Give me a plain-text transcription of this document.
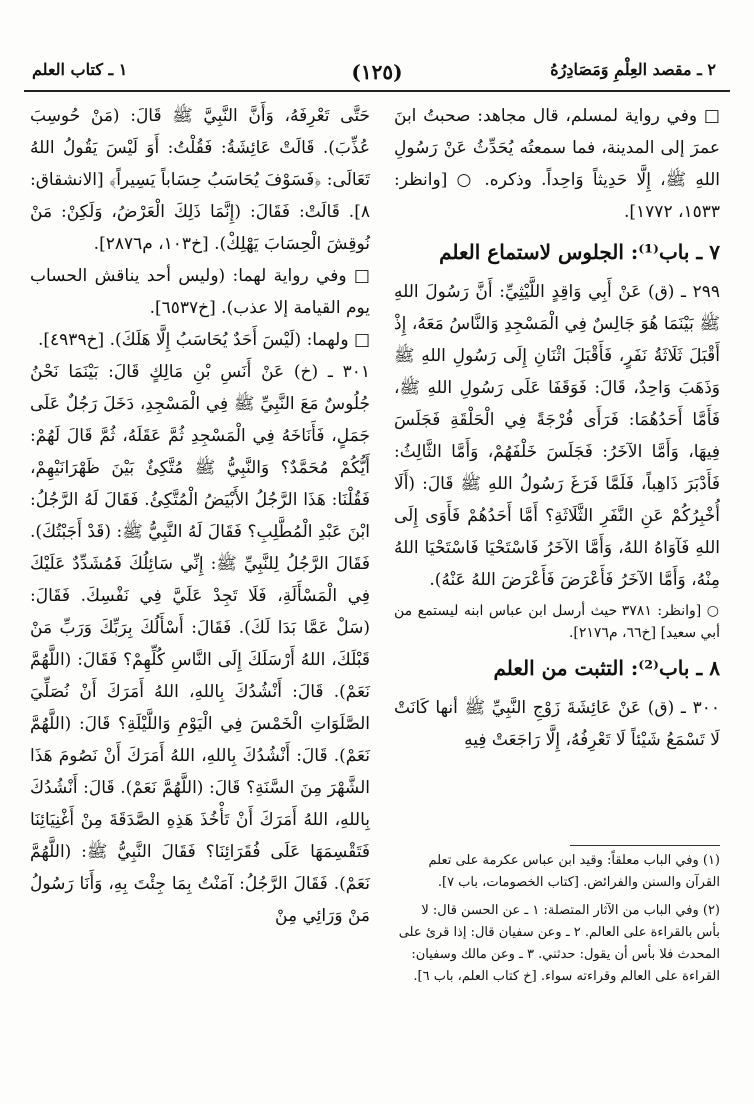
٢ ـ مقصد العِلْمِ وَمَصَادِرُهُ
(١٢٥)
١ ـ كتاب العلم

□ وفي رواية لمسلم، قال مجاهد: صحبتُ ابنَ عمرَ إلى المدينة، فما سمعتُه يُحَدِّثُ عَنْ رَسُولِ اللهِ ﷺ، إِلَّا حَدِيثاً وَاحِداً. وذكره. ○ [وانظر: ١٥٣٣، ١٧٧٢].

٧ ـ باب⁽¹⁾: الجلوس لاستماع العلم

٢٩٩ ـ (ق) عَنْ أَبِي وَاقِدٍ اللَّيْثِيِّ: أَنَّ رَسُولَ اللهِ ﷺ بَيْنَمَا هُوَ جَالِسٌ فِي الْمَسْجِدِ وَالنَّاسُ مَعَهُ، إِذْ أَقْبَلَ ثَلَاثَةُ نَفَرٍ، فَأَقْبَلَ اثْنَانِ إِلَى رَسُولِ اللهِ ﷺ وَذَهَبَ وَاحِدٌ، قَالَ: فَوَقَفَا عَلَى رَسُولِ اللهِ ﷺ، فَأَمَّا أَحَدُهُمَا: فَرَأَى فُرْجَةً فِي الْحَلْقَةِ فَجَلَسَ فِيهَا، وَأَمَّا الآخَرُ: فَجَلَسَ خَلْفَهُمْ، وَأَمَّا الثَّالِثُ: فَأَدْبَرَ ذَاهِباً، فَلَمَّا فَرَغَ رَسُولُ اللهِ ﷺ قَالَ: (أَلَا أُخْبِرُكُمْ عَنِ النَّفَرِ الثَّلَاثَةِ؟ أَمَّا أَحَدُهُمْ فَأَوَى إِلَى اللهِ فَآوَاهُ اللهُ، وَأَمَّا الآخَرُ فَاسْتَحْيَا فَاسْتَحْيَا اللهُ مِنْهُ، وَأَمَّا الآخَرُ فَأَعْرَضَ فَأَعْرَضَ اللهُ عَنْهُ).

○ [وانظر: ٣٧٨١ حيث أرسل ابن عباس ابنه ليستمع من أبي سعيد] [خ٦٦، م٢١٧٦].

٨ ـ باب⁽²⁾: التثبت من العلم

٣٠٠ ـ (ق) عَنْ عَائِشَةَ زَوْجِ النَّبِيِّ ﷺ أنها كَانَتْ لَا تَسْمَعُ شَيْئاً لَا تَعْرِفُهُ، إِلَّا رَاجَعَتْ فِيهِ

(١) وفي الباب معلقاً: وقيد ابن عباس عكرمة على تعلم القرآن والسنن والفرائض. [كتاب الخصومات، باب ٧].

(٢) وفي الباب من الآثار المتصلة: ١ ـ عن الحسن قال: لا بأس بالقراءة على العالم. ٢ ـ وعن سفيان قال: إذا قرئ على المحدث فلا بأس أن يقول: حدثني. ٣ ـ وعن مالك وسفيان: القراءة على العالم وقراءته سواء. [خ كتاب العلم، باب ٦].

حَتَّى تَعْرِفَهُ، وَأَنَّ النَّبِيَّ ﷺ قَالَ: (مَنْ حُوسِبَ عُذِّبَ). قَالَتْ عَائِشَةُ: فَقُلْتُ: أَوَ لَيْسَ يَقُولُ اللهُ تَعَالَى: ﴿فَسَوْفَ يُحَاسَبُ حِسَاباً يَسِيراً﴾ [الانشقاق: ٨]. قَالَتْ: فَقَالَ: (إِنَّمَا ذَلِكَ الْعَرْضُ، وَلَكِنْ: مَنْ نُوقِشَ الْحِسَابَ يَهْلِكْ). [خ١٠٣، م٢٨٧٦].

□ وفي رواية لهما: (وليس أحد يناقش الحساب يوم القيامة إلا عذب). [خ٦٥٣٧].

□ ولهما: (لَيْسَ أَحَدٌ يُحَاسَبُ إِلَّا هَلَكَ). [خ٤٩٣٩].

٣٠١ ـ (خ) عَنْ أَنَسِ بْنِ مَالِكٍ قَالَ: بَيْنَمَا نَحْنُ جُلُوسٌ مَعَ النَّبِيِّ ﷺ فِي الْمَسْجِدِ، دَخَلَ رَجُلٌ عَلَى جَمَلٍ، فَأَنَاخَهُ فِي الْمَسْجِدِ ثُمَّ عَقَلَهُ، ثُمَّ قَالَ لَهُمْ: أَيُّكُمْ مُحَمَّدٌ؟ وَالنَّبِيُّ ﷺ مُتَّكِئٌ بَيْنَ ظَهْرَانَيْهِمْ، فَقُلْنَا: هَذَا الرَّجُلُ الأَبْيَضُ الْمُتَّكِئُ. فَقَالَ لَهُ الرَّجُلُ: ابْنَ عَبْدِ الْمُطَّلِبِ؟ فَقَالَ لَهُ النَّبِيُّ ﷺ: (قَدْ أَجَبْتُكَ). فَقَالَ الرَّجُلُ لِلنَّبِيِّ ﷺ: إِنِّي سَائِلُكَ فَمُشَدِّدٌ عَلَيْكَ فِي الْمَسْأَلَةِ، فَلَا تَجِدْ عَلَيَّ فِي نَفْسِكَ. فَقَالَ: (سَلْ عَمَّا بَدَا لَكَ). فَقَالَ: أَسْأَلُكَ بِرَبِّكَ وَرَبِّ مَنْ قَبْلَكَ، اللهُ أَرْسَلَكَ إِلَى النَّاسِ كُلِّهِمْ؟ فَقَالَ: (اللَّهُمَّ نَعَمْ). قَالَ: أَنْشُدُكَ بِاللهِ، اللهُ أَمَرَكَ أَنْ نُصَلِّيَ الصَّلَوَاتِ الْخَمْسَ فِي الْيَوْمِ وَاللَّيْلَةِ؟ قَالَ: (اللَّهُمَّ نَعَمْ). قَالَ: أَنْشُدُكَ بِاللهِ، اللهُ أَمَرَكَ أَنْ نَصُومَ هَذَا الشَّهْرَ مِنَ السَّنَةِ؟ قَالَ: (اللَّهُمَّ نَعَمْ). قَالَ: أَنْشُدُكَ بِاللهِ، اللهُ أَمَرَكَ أَنْ تَأْخُذَ هَذِهِ الصَّدَقَةَ مِنْ أَغْنِيَائِنَا فَتَقْسِمَهَا عَلَى فُقَرَائِنَا؟ فَقَالَ النَّبِيُّ ﷺ: (اللَّهُمَّ نَعَمْ). فَقَالَ الرَّجُلُ: آمَنْتُ بِمَا جِئْتَ بِهِ، وَأَنَا رَسُولُ مَنْ وَرَائِي مِنْ
